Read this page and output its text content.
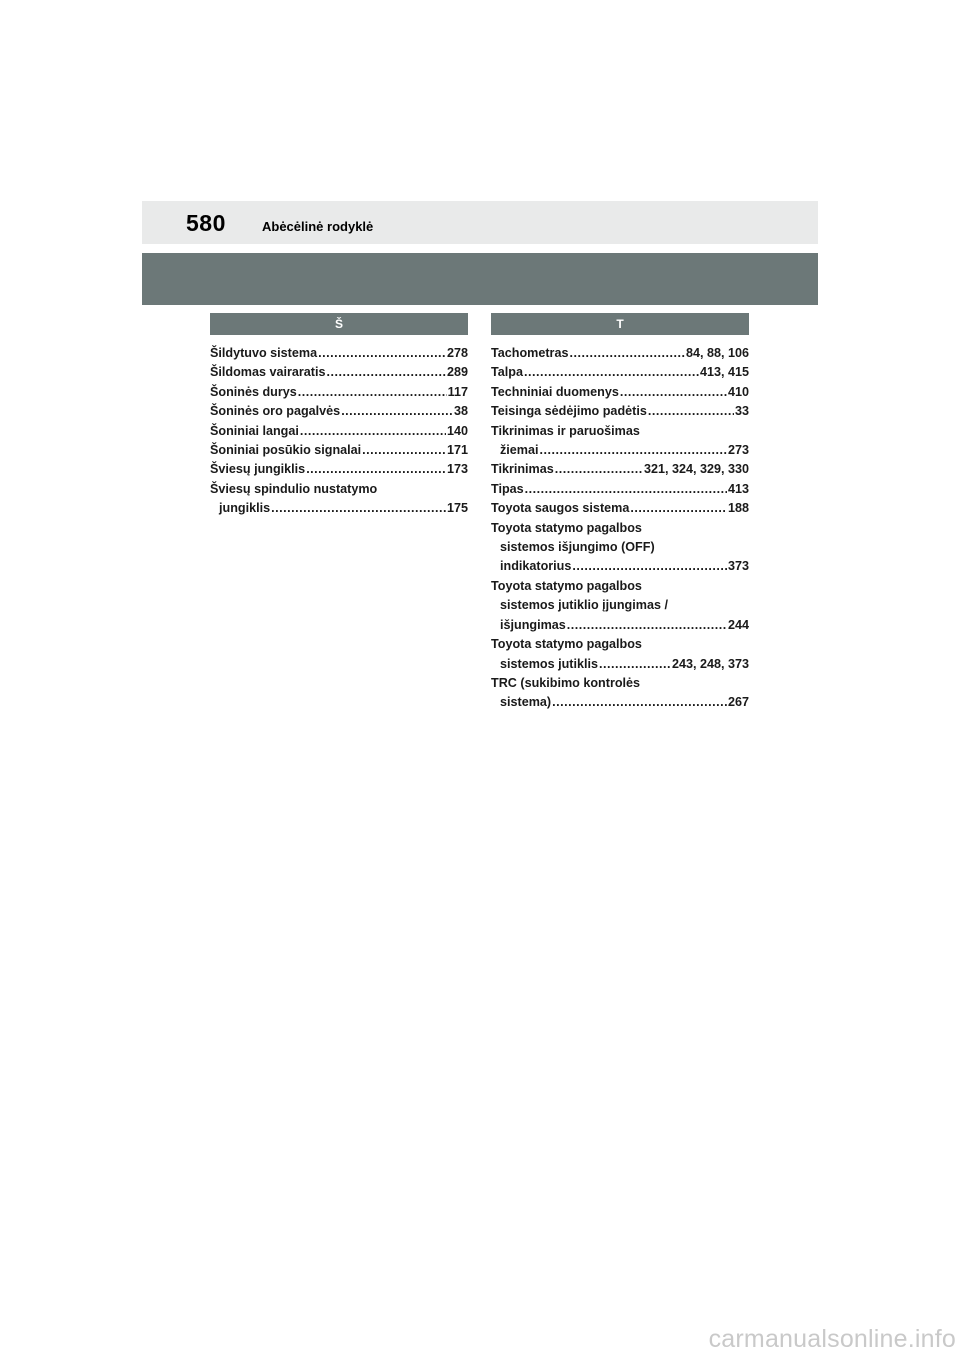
580	Abėcėlinė rodyklė
Š
Šildytuvo sistema .....	278
Šildomas vairaratis .....	289
Šoninės durys .....	117
Šoninės oro pagalvės .....	38
Šoniniai langai .....	140
Šoniniai posūkio signalai .....	171
Šviesų jungiklis .....	173
Šviesų spindulio nustatymo
jungiklis .....	175
T
Tachometras .....	84, 88, 106
Talpa .....	413, 415
Techniniai duomenys .....	410
Teisinga sėdėjimo padėtis .....	33
Tikrinimas ir paruošimas
žiemai .....	273
Tikrinimas .....	321, 324, 329, 330
Tipas .....	413
Toyota saugos sistema .....	188
Toyota statymo pagalbos
sistemos išjungimo (OFF)
indikatorius .....	373
Toyota statymo pagalbos
sistemos jutiklio įjungimas /
išjungimas .....	244
Toyota statymo pagalbos
sistemos jutiklis .....	243, 248, 373
TRC (sukibimo kontrolės
sistema) .....	267
carmanualsonline.info
